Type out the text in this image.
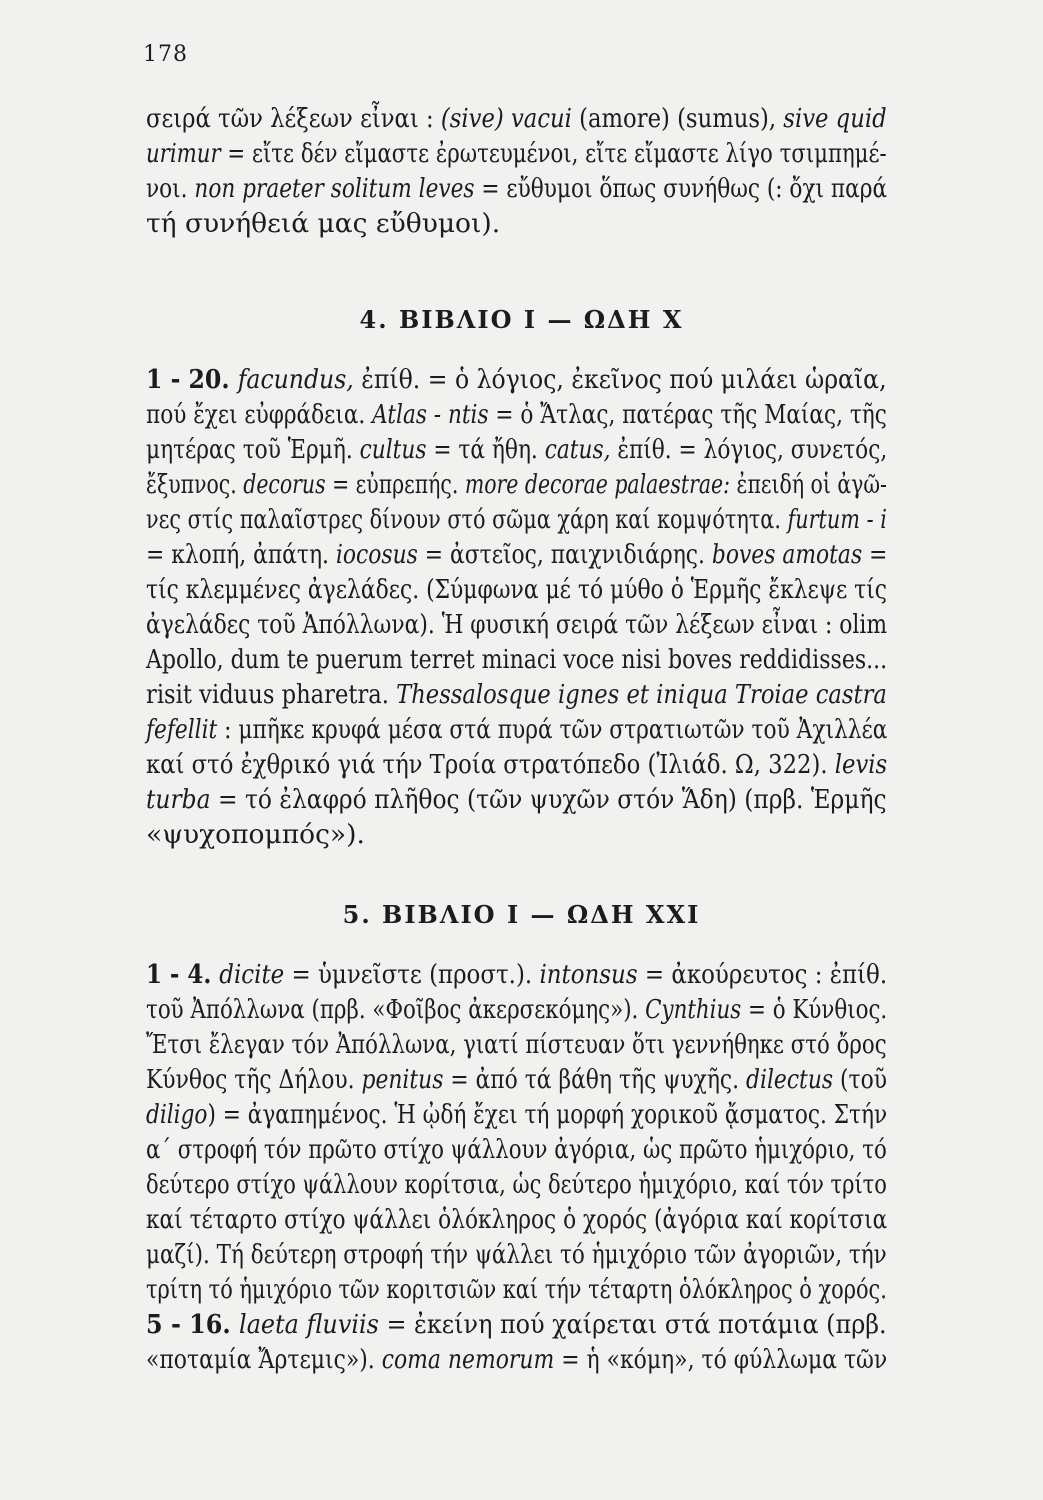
178
σειρά τῶν λέξεων εἶναι : (sive) vacui (amore) (sumus), sive quid
urimur = εἴτε δέν εἴμαστε ἐρωτευμένοι, εἴτε εἴμαστε λίγο τσιμπημέ-
νοι. non praeter solitum leves = εὔθυμοι ὅπως συνήθως (: ὄχι παρά
τή συνήθειά μας εὔθυμοι).
4. ΒΙΒΛΙΟ Ι — ΩΔΗ Χ
1 - 20. facundus, ἐπίθ. = ὁ λόγιος, ἐκεῖνος πού μιλάει ὡραῖα,
πού ἔχει εὐφράδεια. Atlas - ntis = ὁ Ἄτλας, πατέρας τῆς Μαίας, τῆς
μητέρας τοῦ Ἑρμῆ. cultus = τά ἤθη. catus, ἐπίθ. = λόγιος, συνετός,
ἔξυπνος. decorus = εὐπρεπής. more decorae palaestrae: ἐπειδή οἱ ἀγῶ-
νες στίς παλαῖστρες δίνουν στό σῶμα χάρη καί κομψότητα. furtum - i
= κλοπή, ἀπάτη. iocosus = ἀστεῖος, παιχνιδιάρης. boves amotas =
τίς κλεμμένες ἀγελάδες. (Σύμφωνα μέ τό μύθο ὁ Ἑρμῆς ἔκλεψε τίς
ἀγελάδες τοῦ Ἀπόλλωνα). Ἡ φυσική σειρά τῶν λέξεων εἶναι : olim
Apollo, dum te puerum terret minaci voce nisi boves reddidisses...
risit viduus pharetra. Thessalosque ignes et iniqua Troiae castra
fefellit : μπῆκε κρυφά μέσα στά πυρά τῶν στρατιωτῶν τοῦ Ἀχιλλέα
καί στό ἐχθρικό γιά τήν Τροία στρατόπεδο (Ἰλιάδ. Ω, 322). levis
turba = τό ἐλαφρό πλῆθος (τῶν ψυχῶν στόν Ἅδη) (πρβ. Ἑρμῆς
«ψυχοπομπός»).
5. ΒΙΒΛΙΟ Ι — ΩΔΗ ΧΧΙ
1 - 4. dicite = ὑμνεῖστε (προστ.). intonsus = ἀκούρευτος : ἐπίθ.
τοῦ Ἀπόλλωνα (πρβ. «Φοῖβος ἀκερσεκόμης»). Cynthius = ὁ Κύνθιος.
Ἔτσι ἔλεγαν τόν Ἀπόλλωνα, γιατί πίστευαν ὅτι γεννήθηκε στό ὄρος
Κύνθος τῆς Δήλου. penitus = ἀπό τά βάθη τῆς ψυχῆς. dilectus (τοῦ
diligo) = ἀγαπημένος. Ἡ ᾠδή ἔχει τή μορφή χορικοῦ ᾄσματος. Στήν
α΄ στροφή τόν πρῶτο στίχο ψάλλουν ἀγόρια, ὡς πρῶτο ἡμιχόριο, τό
δεύτερο στίχο ψάλλουν κορίτσια, ὡς δεύτερο ἡμιχόριο, καί τόν τρίτο
καί τέταρτο στίχο ψάλλει ὁλόκληρος ὁ χορός (ἀγόρια καί κορίτσια
μαζί). Τή δεύτερη στροφή τήν ψάλλει τό ἡμιχόριο τῶν ἀγοριῶν, τήν
τρίτη τό ἡμιχόριο τῶν κοριτσιῶν καί τήν τέταρτη ὁλόκληρος ὁ χορός.
5 - 16. laeta fluviis = ἐκείνη πού χαίρεται στά ποτάμια (πρβ.
«ποταμία Ἄρτεμις»). coma nemorum = ἡ «κόμη», τό φύλλωμα τῶν
